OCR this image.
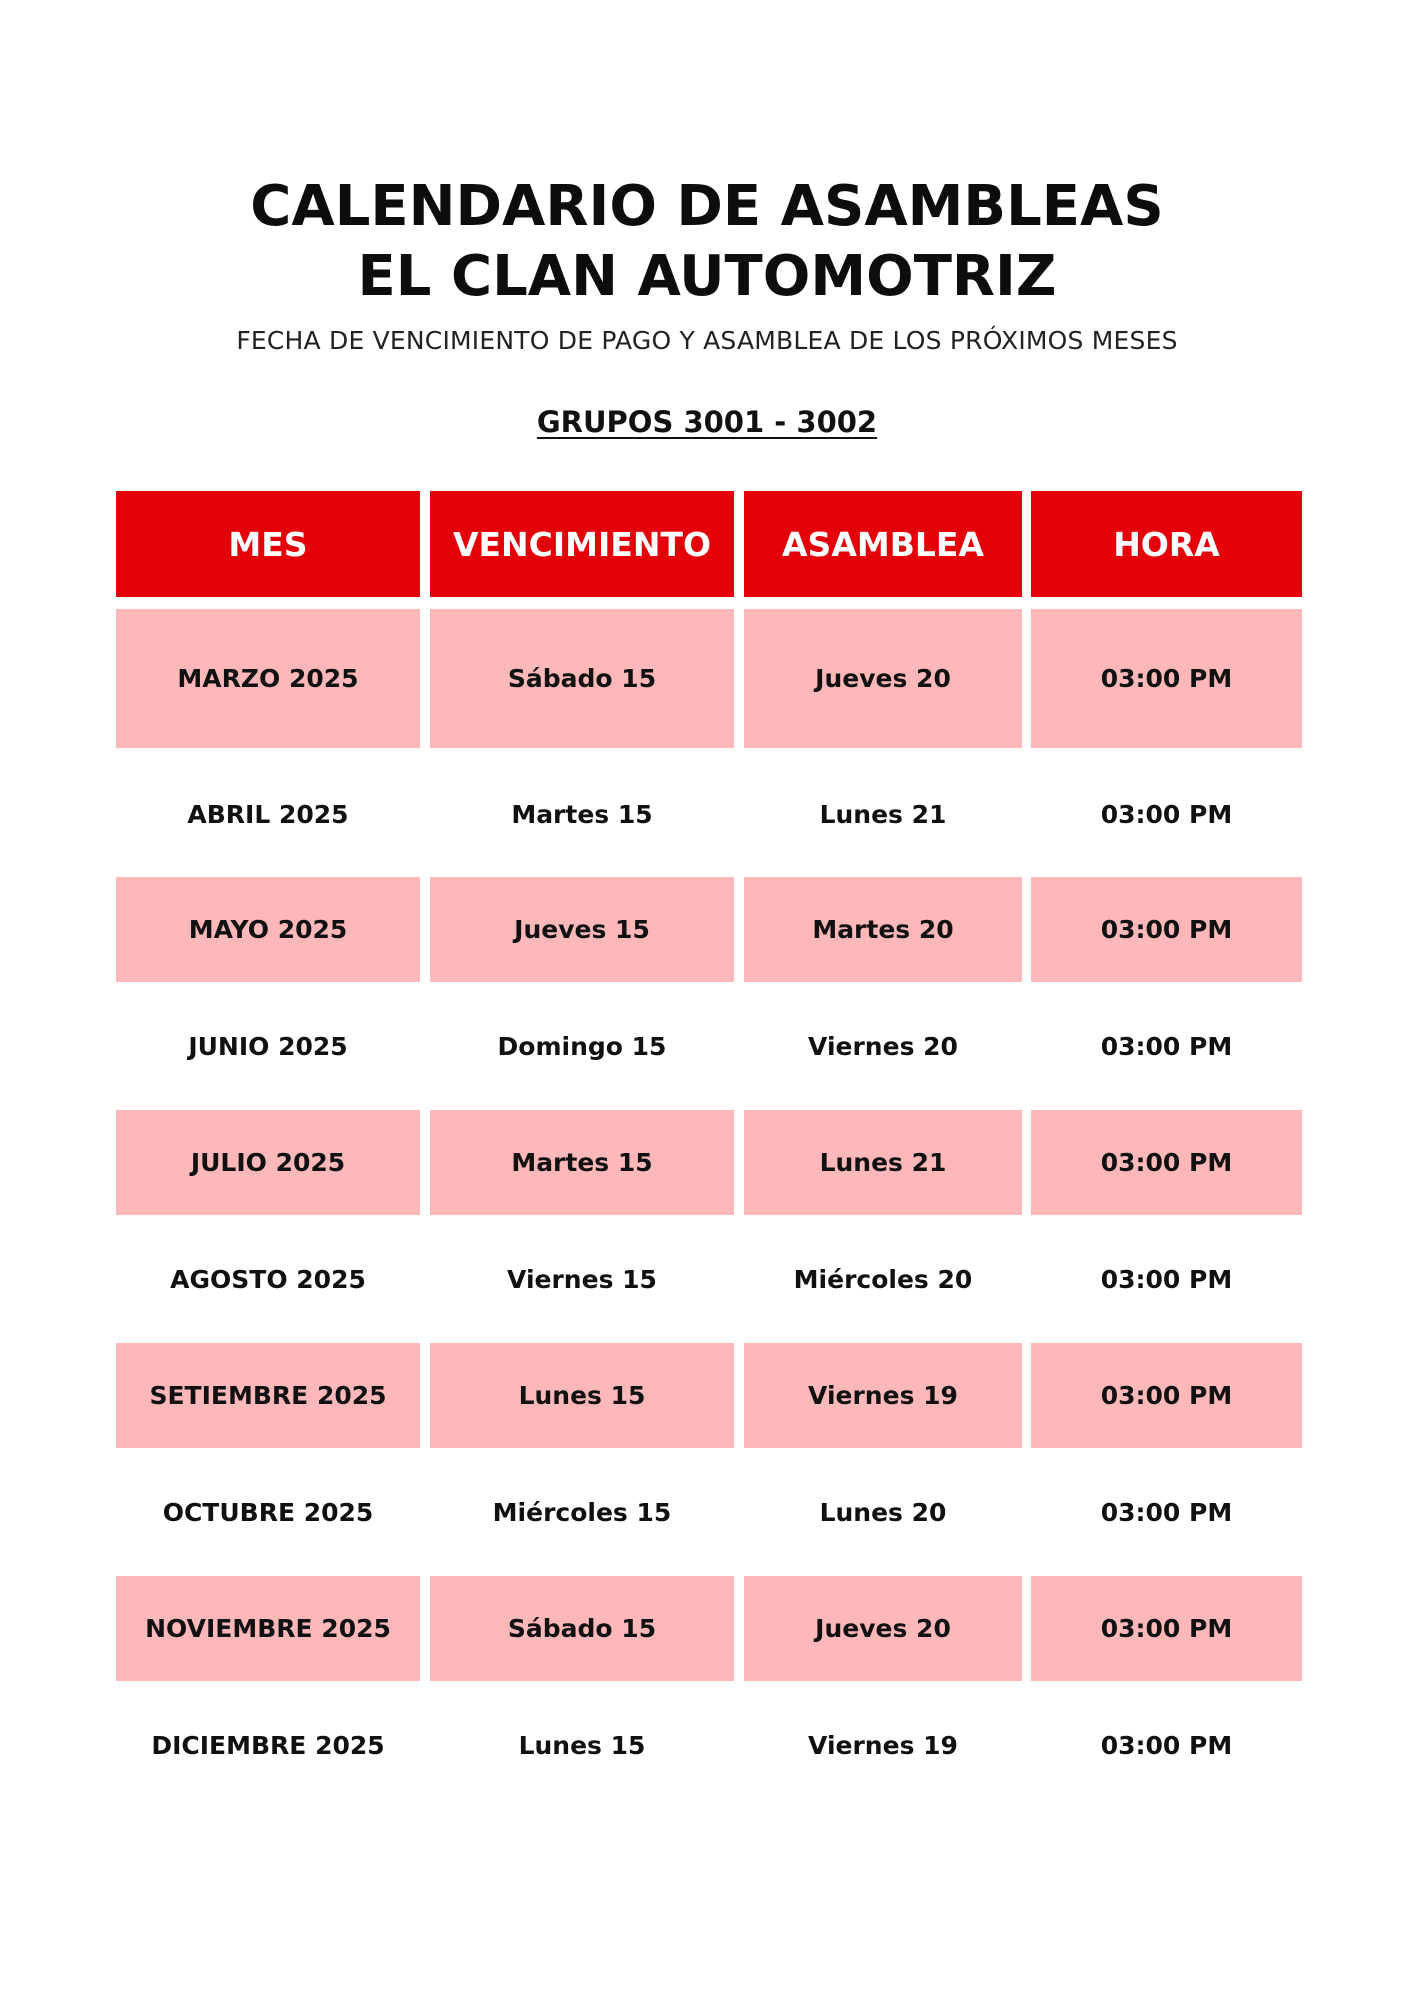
CALENDARIO DE ASAMBLEAS
EL CLAN AUTOMOTRIZ
FECHA DE VENCIMIENTO DE PAGO Y ASAMBLEA DE LOS PRÓXIMOS MESES
GRUPOS 3001 - 3002
MES	VENCIMIENTO	ASAMBLEA	HORA
MARZO 2025	Sábado 15	Jueves 20	03:00 PM
ABRIL 2025	Martes 15	Lunes 21	03:00 PM
MAYO 2025	Jueves 15	Martes 20	03:00 PM
JUNIO 2025	Domingo 15	Viernes 20	03:00 PM
JULIO 2025	Martes 15	Lunes 21	03:00 PM
AGOSTO 2025	Viernes 15	Miércoles 20	03:00 PM
SETIEMBRE 2025	Lunes 15	Viernes 19	03:00 PM
OCTUBRE 2025	Miércoles 15	Lunes 20	03:00 PM
NOVIEMBRE 2025	Sábado 15	Jueves 20	03:00 PM
DICIEMBRE 2025	Lunes 15	Viernes 19	03:00 PM
